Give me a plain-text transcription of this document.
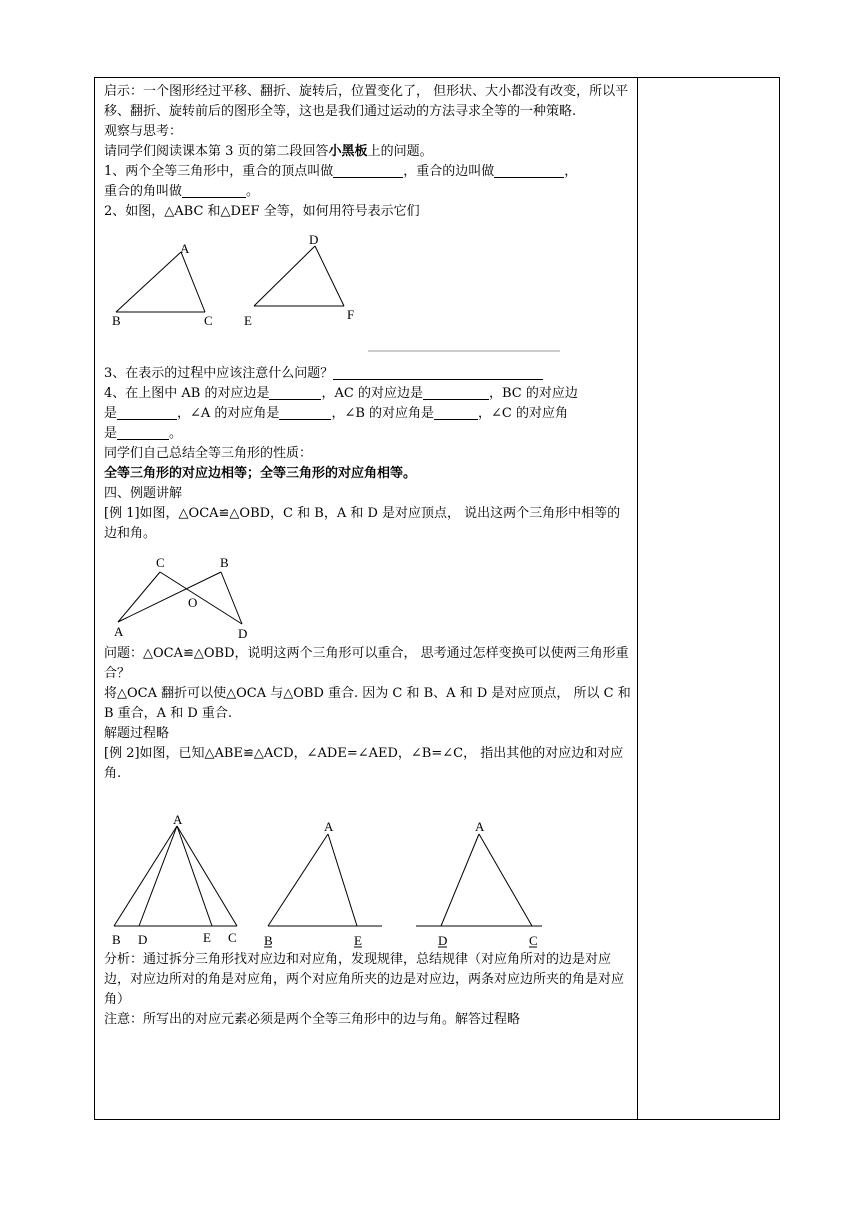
启示：一个图形经过平移、翻折、旋转后，位置变化了， 但形状、大小都没有改变，所以平移、翻折、旋转前后的图形全等，这也是我们通过运动的方法寻求全等的一种策略.

观察与思考：

请同学们阅读课本第 3 页的第二段回答小黑板上的问题。

1、两个全等三角形中，重合的顶点叫做	，重合的边叫做	，

重合的角叫做	。

2、如图，△ABC 和△DEF 全等，如何用符号表示它们

A
B	C
D
E	F

3、在表示的过程中应该注意什么问题？

4、在上图中 AB 的对应边是	，AC 的对应边是	，BC 的对应边

是	，∠A 的对应角是	，∠B 的对应角是	，∠C 的对应角

是	。

同学们自己总结全等三角形的性质：

全等三角形的对应边相等；全等三角形的对应角相等。

四、例题讲解

[例 1]如图，△OCA≌△OBD，C 和 B，A 和 D 是对应顶点， 说出这两个三角形中相等的边和角。

C	B
O
A	D

问题：△OCA≌△OBD，说明这两个三角形可以重合， 思考通过怎样变换可以使两三角形重合？

将△OCA 翻折可以使△OCA 与△OBD 重合. 因为 C 和 B、A 和 D 是对应顶点， 所以 C 和 B 重合，A 和 D 重合.

解题过程略

[例 2]如图，已知△ABE≌△ACD，∠ADE=∠AED，∠B=∠C， 指出其他的对应边和对应角.

A
B D	E C
A
B	E
A
D	C

分析：通过拆分三角形找对应边和对应角，发现规律，总结规律（对应角所对的边是对应边，对应边所对的角是对应角，两个对应角所夹的边是对应边，两条对应边所夹的角是对应角）

注意：所写出的对应元素必须是两个全等三角形中的边与角。解答过程略
